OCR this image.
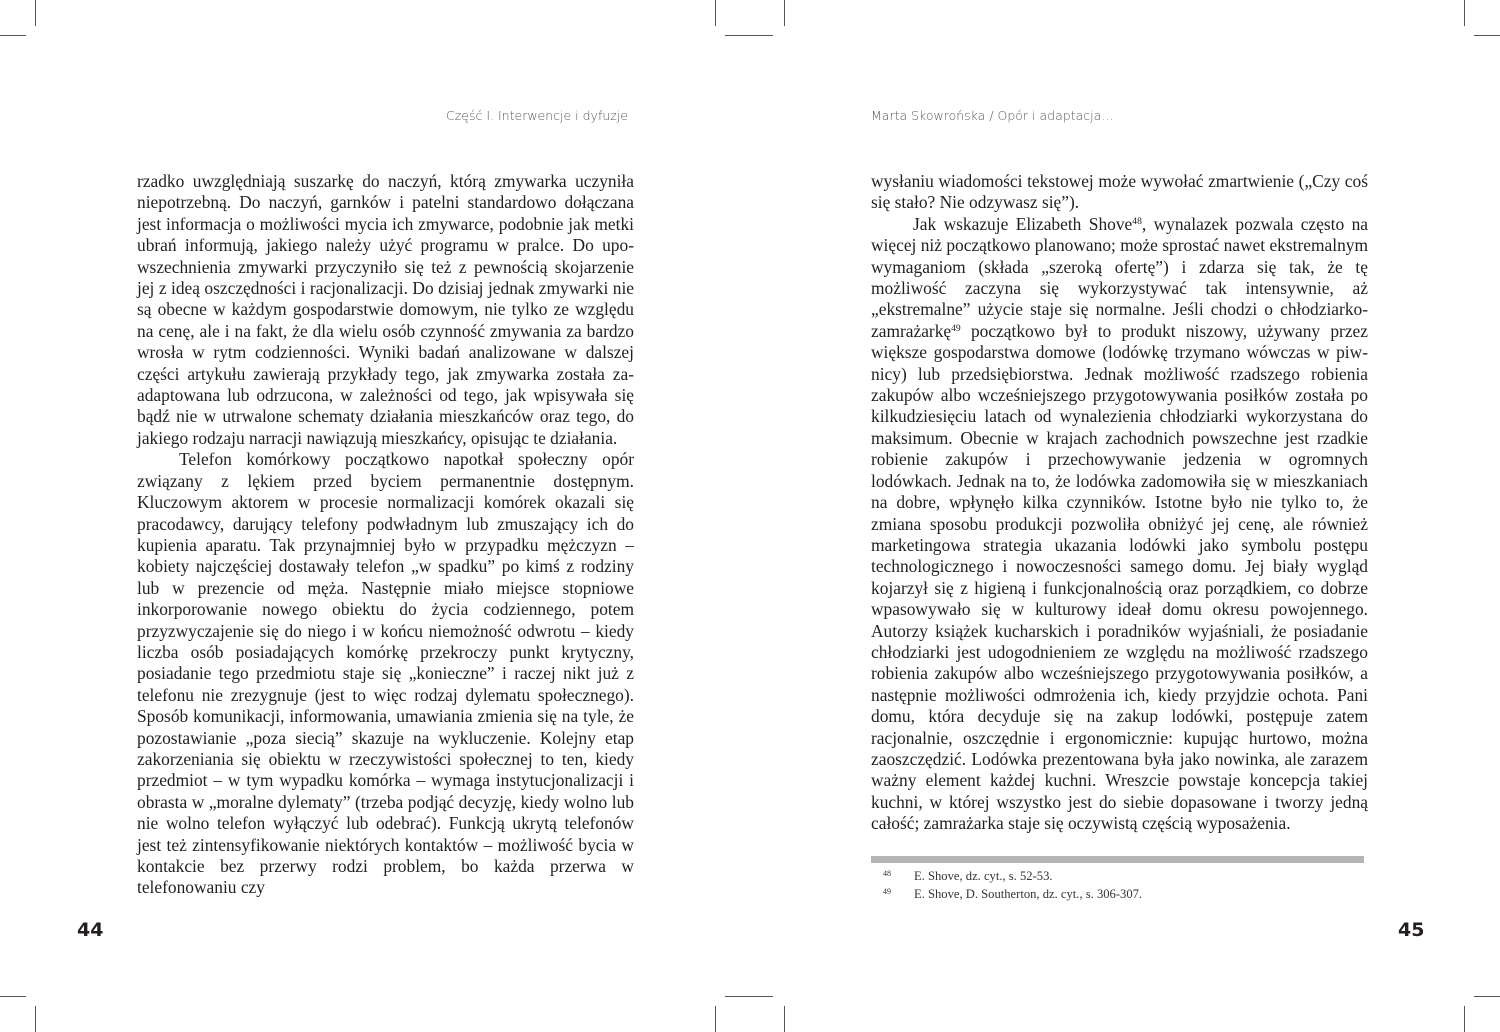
Część I. Interwencje i dyfuzje

rzadko uwzględniają suszarkę do naczyń, którą zmywarka uczyniła niepotrzebną. Do naczyń, garnków i patelni standardowo dołączana jest informacja o możliwości mycia ich zmywarce, podobnie jak metki ubrań informują, jakiego należy użyć programu w pralce. Do upowszechnienia zmywarki przyczyniło się też z pewnością skojarzenie jej z ideą oszczędności i racjonalizacji. Do dzisiaj jednak zmywarki nie są obecne w każdym gospodarstwie domowym, nie tylko ze względu na cenę, ale i na fakt, że dla wielu osób czynność zmywania za bardzo wrosła w rytm codzienności. Wyniki badań analizowane w dalszej części artykułu zawierają przykłady tego, jak zmywarka została zaadaptowana lub odrzucona, w zależności od tego, jak wpisywała się bądź nie w utrwalone schematy działania mieszkańców oraz tego, do jakiego rodzaju narracji nawiązują mieszkańcy, opisując te działania.

Telefon komórkowy początkowo napotkał społeczny opór związany z lękiem przed byciem permanentnie dostępnym. Kluczowym aktorem w procesie normalizacji komórek okazali się pracodawcy, darujący telefony podwładnym lub zmuszający ich do kupienia aparatu. Tak przynajmniej było w przypadku mężczyzn – kobiety najczęściej dostawały telefon „w spadku” po kimś z rodziny lub w prezencie od męża. Następnie miało miejsce stopniowe inkorporowanie nowego obiektu do życia codziennego, potem przyzwyczajenie się do niego i w końcu niemożność odwrotu – kiedy liczba osób posiadających komórkę przekroczy punkt krytyczny, posiadanie tego przedmiotu staje się „konieczne” i raczej nikt już z telefonu nie zrezygnuje (jest to więc rodzaj dylematu społecznego). Sposób komunikacji, informowania, umawiania zmienia się na tyle, że pozostawianie „poza siecią” skazuje na wykluczenie. Kolejny etap zakorzeniania się obiektu w rzeczywistości społecznej to ten, kiedy przedmiot – w tym wypadku komórka – wymaga instytucjonalizacji i obrasta w „moralne dylematy” (trzeba podjąć decyzję, kiedy wolno lub nie wolno telefon wyłączyć lub odebrać). Funkcją ukrytą telefonów jest też zintensyfikowanie niektórych kontaktów – możliwość bycia w kontakcie bez przerwy rodzi problem, bo każda przerwa w telefonowaniu czy

44
Marta Skowrońska / Opór i adaptacja…

wysłaniu wiadomości tekstowej może wywołać zmartwienie („Czy coś się stało? Nie odzywasz się”).

Jak wskazuje Elizabeth Shove$^{48}$, wynalazek pozwala często na więcej niż początkowo planowano; może sprostać nawet ekstremalnym wymaganiom (składa „szeroką ofertę”) i zdarza się tak, że tę możliwość zaczyna się wykorzystywać tak intensywnie, aż „ekstremalne” użycie staje się normalne. Jeśli chodzi o chłodziarko-zamrażarkę$^{49}$ początkowo był to produkt niszowy, używany przez większe gospodarstwa domowe (lodówkę trzymano wówczas w piwnicy) lub przedsiębiorstwa. Jednak możliwość rzadszego robienia zakupów albo wcześniejszego przygotowywania posiłków została po kilkudziesięciu latach od wynalezienia chłodziarki wykorzystana do maksimum. Obecnie w krajach zachodnich powszechne jest rzadkie robienie zakupów i przechowywanie jedzenia w ogromnych lodówkach. Jednak na to, że lodówka zadomowiła się w mieszkaniach na dobre, wpłynęło kilka czynników. Istotne było nie tylko to, że zmiana sposobu produkcji pozwoliła obniżyć jej cenę, ale również marketingowa strategia ukazania lodówki jako symbolu postępu technologicznego i nowoczesności samego domu. Jej biały wygląd kojarzył się z higieną i funkcjonalnością oraz porządkiem, co dobrze wpasowywało się w kulturowy ideał domu okresu powojennego. Autorzy książek kucharskich i poradników wyjaśniali, że posiadanie chłodziarki jest udogodnieniem ze względu na możliwość rzadszego robienia zakupów albo wcześniejszego przygotowywania posiłków, a następnie możliwości odmrożenia ich, kiedy przyjdzie ochota. Pani domu, która decyduje się na zakup lodówki, postępuje zatem racjonalnie, oszczędnie i ergonomicznie: kupując hurtowo, można zaoszczędzić. Lodówka prezentowana była jako nowinka, ale zarazem ważny element każdej kuchni. Wreszcie powstaje koncepcja takiej kuchni, w której wszystko jest do siebie dopasowane i tworzy jedną całość; zamrażarka staje się oczywistą częścią wyposażenia.

48	E. Shove, dz. cyt., s. 52-53.
49	E. Shove, D. Southerton, dz. cyt., s. 306-307.
45
